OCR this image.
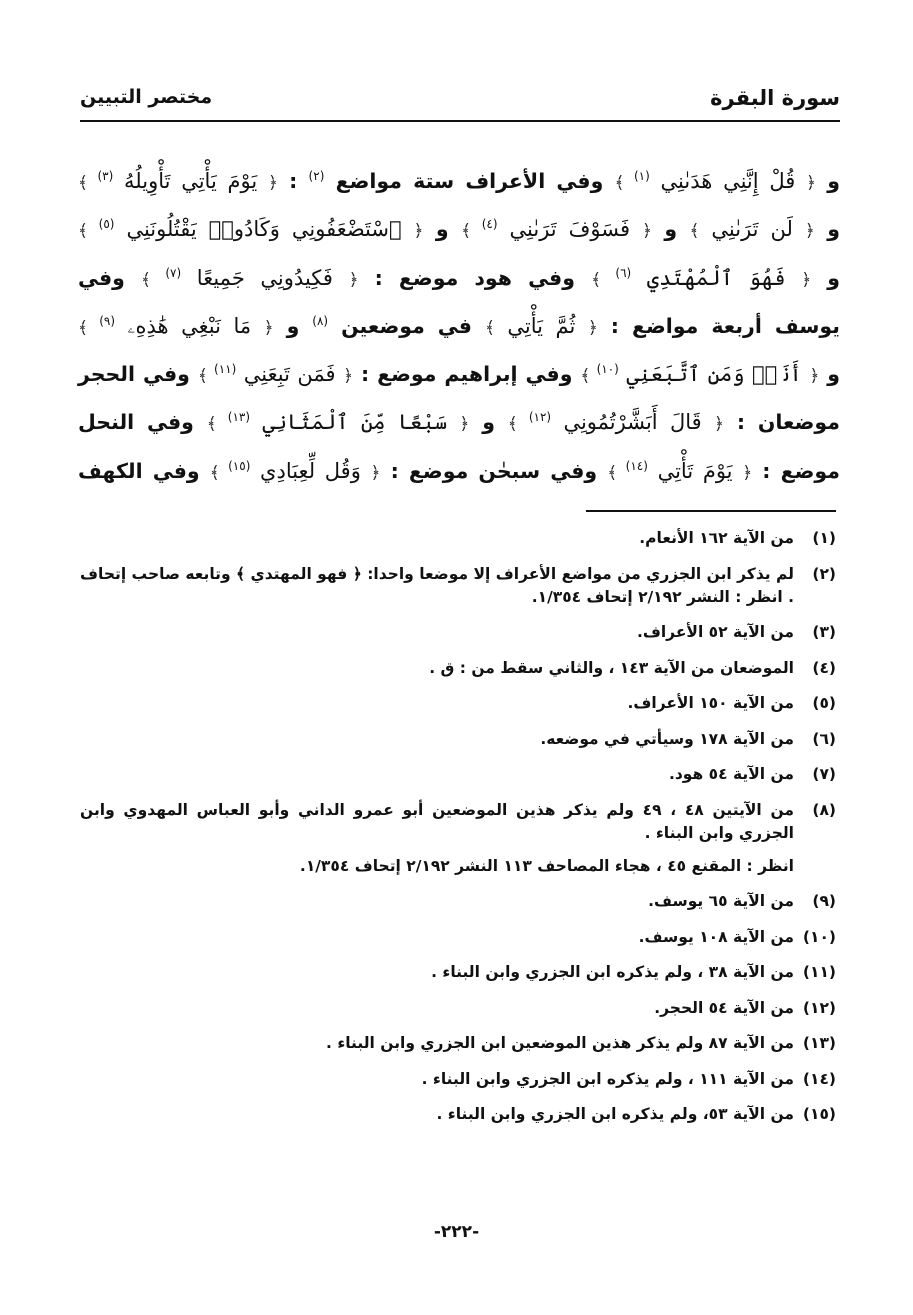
سورة البقرة
مختصر التبيين
و ﴿ قُلْ إِنَّنِي هَدَىٰنِي $^{(١)}$ ﴾ وفي الأعراف ستة مواضع $^{(٢)}$ : ﴿ يَوْمَ يَأْتِي تَأْوِيلُهُ $^{(٣)}$ ﴾
و ﴿ لَن تَرَىٰنِي ﴾ و ﴿ فَسَوْفَ تَرَىٰنِي $^{(٤)}$ ﴾ و ﴿ ٱسْتَضْعَفُونِي وَكَادُوا۟ يَقْتُلُونَنِي $^{(٥)}$ ﴾
و ﴿ فَهُوَ ٱلْمُهْتَدِي $^{(٦)}$ ﴾ وفي هود موضع : ﴿ فَكِيدُونِي جَمِيعًا $^{(٧)}$ ﴾ وفي
يوسف أربعة مواضع : ﴿ ثُمَّ يَأْتِي ﴾ في موضعين $^{(٨)}$ و ﴿ مَا نَبْغِي هَٰذِهِۦ $^{(٩)}$ ﴾
و ﴿ أَنَا۠ وَمَنِ ٱتَّبَعَنِي $^{(١٠)}$ ﴾ وفي إبراهيم موضع : ﴿ فَمَن تَبِعَنِي $^{(١١)}$ ﴾ وفي الحجر
موضعان : ﴿ قَالَ أَبَشَّرْتُمُونِي $^{(١٢)}$ ﴾ و ﴿ سَبْعًا مِّنَ ٱلْمَثَانِي $^{(١٣)}$ ﴾ وفي النحل
موضع : ﴿ يَوْمَ تَأْتِي $^{(١٤)}$ ﴾ وفي سبحٰن موضع : ﴿ وَقُل لِّعِبَادِي $^{(١٥)}$ ﴾ وفي الكهف
(١)
من الآية ١٦٢ الأنعام.
(٢)
لم يذكر ابن الجزري من مواضع الأعراف إلا موضعا واحدا: ﴿ فهو المهتدي ﴾ وتابعه صاحب إتحاف . انظر : النشر ٢/١٩٢ إتحاف ١/٣٥٤.
(٣)
من الآية ٥٢ الأعراف.
(٤)
الموضعان من الآية ١٤٣ ، والثاني سقط من : ق .
(٥)
من الآية ١٥٠ الأعراف.
(٦)
من الآية ١٧٨ وسيأتي في موضعه.
(٧)
من الآية ٥٤ هود.
(٨)
من الآيتين ٤٨ ، ٤٩ ولم يذكر هذين الموضعين أبو عمرو الداني وأبو العباس المهدوي وابن الجزري وابن البناء .
انظر : المقنع ٤٥ ، هجاء المصاحف ١١٣ النشر ٢/١٩٢ إتحاف ١/٣٥٤.
(٩)
من الآية ٦٥ يوسف.
(١٠)
من الآية ١٠٨ يوسف.
(١١)
من الآية ٣٨ ، ولم يذكره ابن الجزري وابن البناء .
(١٢)
من الآية ٥٤ الحجر.
(١٣)
من الآية ٨٧ ولم يذكر هذين الموضعين ابن الجزري وابن البناء .
(١٤)
من الآية ١١١ ، ولم يذكره ابن الجزري وابن البناء .
(١٥)
من الآية ٥٣، ولم يذكره ابن الجزري وابن البناء .
-٢٢٢-
